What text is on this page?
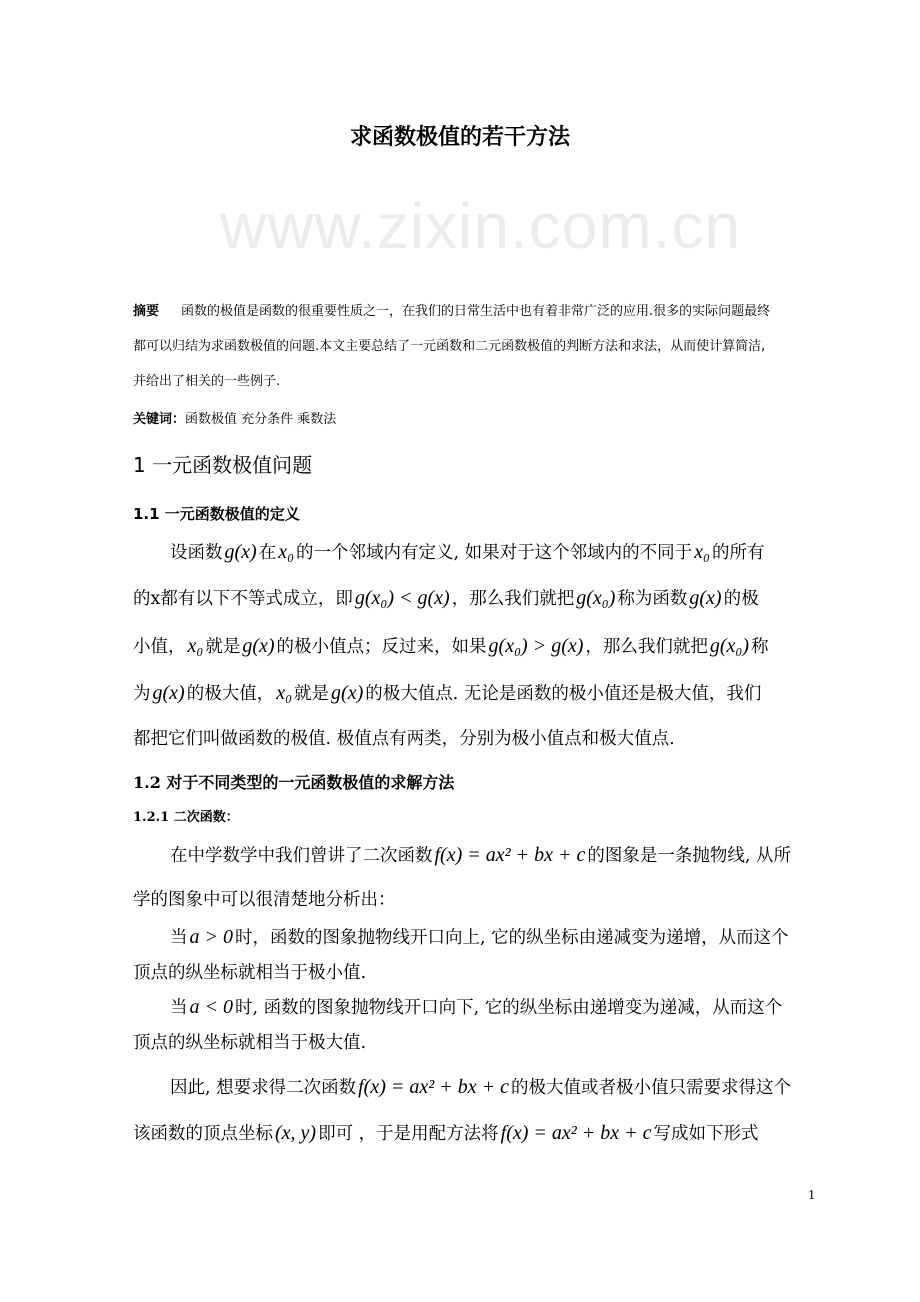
www.zixin.com.cn
求函数极值的若干方法
摘要 函数的极值是函数的很重要性质之一，在我们的日常生活中也有着非常广泛的应用.很多的实际问题最终
都可以归结为求函数极值的问题.本文主要总结了一元函数和二元函数极值的判断方法和求法，从而使计算简洁,
并给出了相关的一些例子.
关键词：函数极值 充分条件 乘数法
1 一元函数极值问题
1.1 一元函数极值的定义
1.2 对于不同类型的一元函数极值的求解方法
1.2.1 二次函数：
设函数 g(x) 在 x₀ 的一个邻域内有定义, 如果对于这个邻域内的不同于 x₀ 的所有
的x都有以下不等式成立，即 g(x₀) < g(x) ，那么我们就把 g(x₀) 称为函数 g(x) 的极
小值， x₀ 就是 g(x) 的极小值点；反过来，如果 g(x₀) > g(x) ，那么我们就把 g(x₀) 称
为 g(x) 的极大值， x₀ 就是 g(x) 的极大值点. 无论是函数的极小值还是极大值，我们
都把它们叫做函数的极值. 极值点有两类，分别为极小值点和极大值点.
在中学数学中我们曾讲了二次函数 f(x) = ax² + bx + c 的图象是一条抛物线, 从所
学的图象中可以很清楚地分析出：
当 a > 0 时，函数的图象抛物线开口向上, 它的纵坐标由递减变为递增，从而这个
顶点的纵坐标就相当于极小值.
当 a < 0 时, 函数的图象抛物线开口向下, 它的纵坐标由递增变为递减，从而这个
顶点的纵坐标就相当于极大值.
因此, 想要求得二次函数 f(x) = ax² + bx + c 的极大值或者极小值只需要求得这个
该函数的顶点坐标 (x, y) 即可 ，于是用配方法将 f(x) = ax² + bx + c 写成如下形式
1
